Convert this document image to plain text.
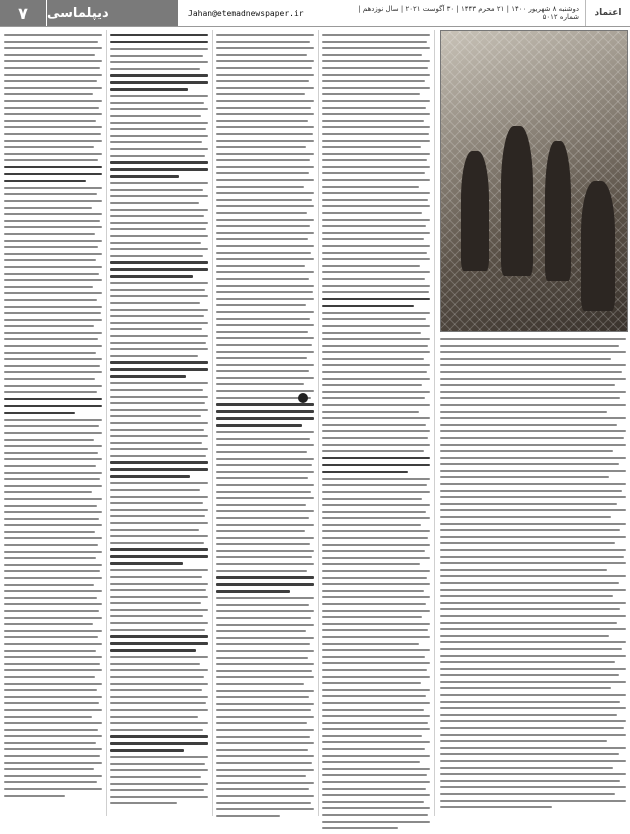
۷	دیپلماسی	Jahan@etemadnewspaper.ir	دوشنبه ۸ شهریور ۱۴۰۰ | ۲۱ محرم ۱۴۴۳ | ۳۰ آگوست ۲۰۲۱ | سال نوزدهم | شماره ۵۰۱۲	اعتماد
